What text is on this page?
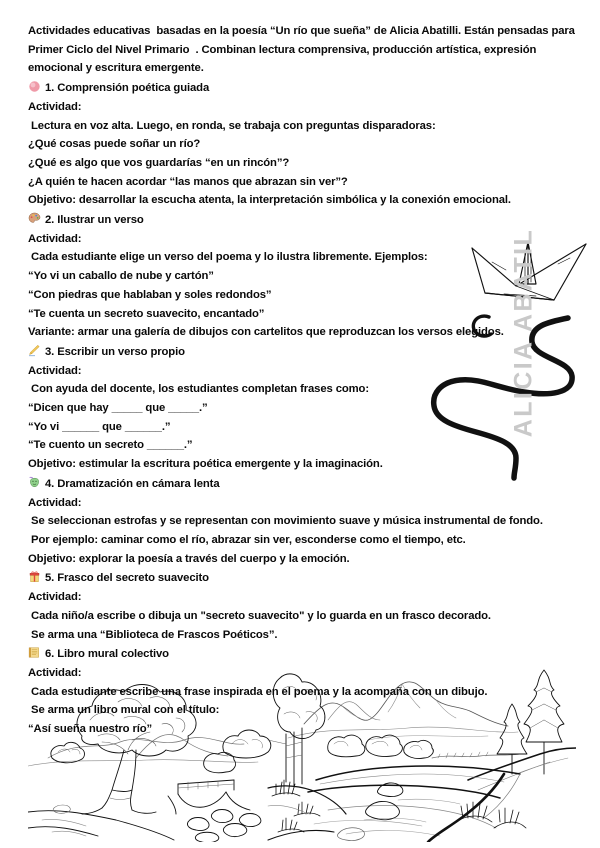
ALICIA ABATIL

Actividades educativas  basadas en la poesía “Un río que sueña” de Alicia Abatilli. Están pensadas para Primer Ciclo del Nivel Primario  . Combinan lectura comprensiva, producción artística, expresión emocional y escritura emergente.

1. Comprensión poética guiada

Actividad:

Lectura en voz alta. Luego, en ronda, se trabaja con preguntas disparadoras:

¿Qué cosas puede soñar un río?

¿Qué es algo que vos guardarías “en un rincón”?

¿A quién te hacen acordar “las manos que abrazan sin ver”?

Objetivo: desarrollar la escucha atenta, la interpretación simbólica y la conexión emocional.

2. Ilustrar un verso

Actividad:

Cada estudiante elige un verso del poema y lo ilustra libremente. Ejemplos:

“Yo vi un caballo de nube y cartón”

“Con piedras que hablaban y soles redondos”

“Te cuenta un secreto suavecito, encantado”

Variante: armar una galería de dibujos con cartelitos que reproduzcan los versos elegidos.

3. Escribir un verso propio

Actividad:

Con ayuda del docente, los estudiantes completan frases como:

“Dicen que hay _____ que _____.”

“Yo vi ______ que ______.”

“Te cuento un secreto ______.”

Objetivo: estimular la escritura poética emergente y la imaginación.

4. Dramatización en cámara lenta

Actividad:

Se seleccionan estrofas y se representan con movimiento suave y música instrumental de fondo.

Por ejemplo: caminar como el río, abrazar sin ver, esconderse como el tiempo, etc.

Objetivo: explorar la poesía a través del cuerpo y la emoción.

5. Frasco del secreto suavecito

Actividad:

Cada niño/a escribe o dibuja un "secreto suavecito" y lo guarda en un frasco decorado.

Se arma una “Biblioteca de Frascos Poéticos”.

6. Libro mural colectivo

Actividad:

Cada estudiante escribe una frase inspirada en el poema y la acompaña con un dibujo.

Se arma un libro mural con el título:

“Así sueña nuestro río”
